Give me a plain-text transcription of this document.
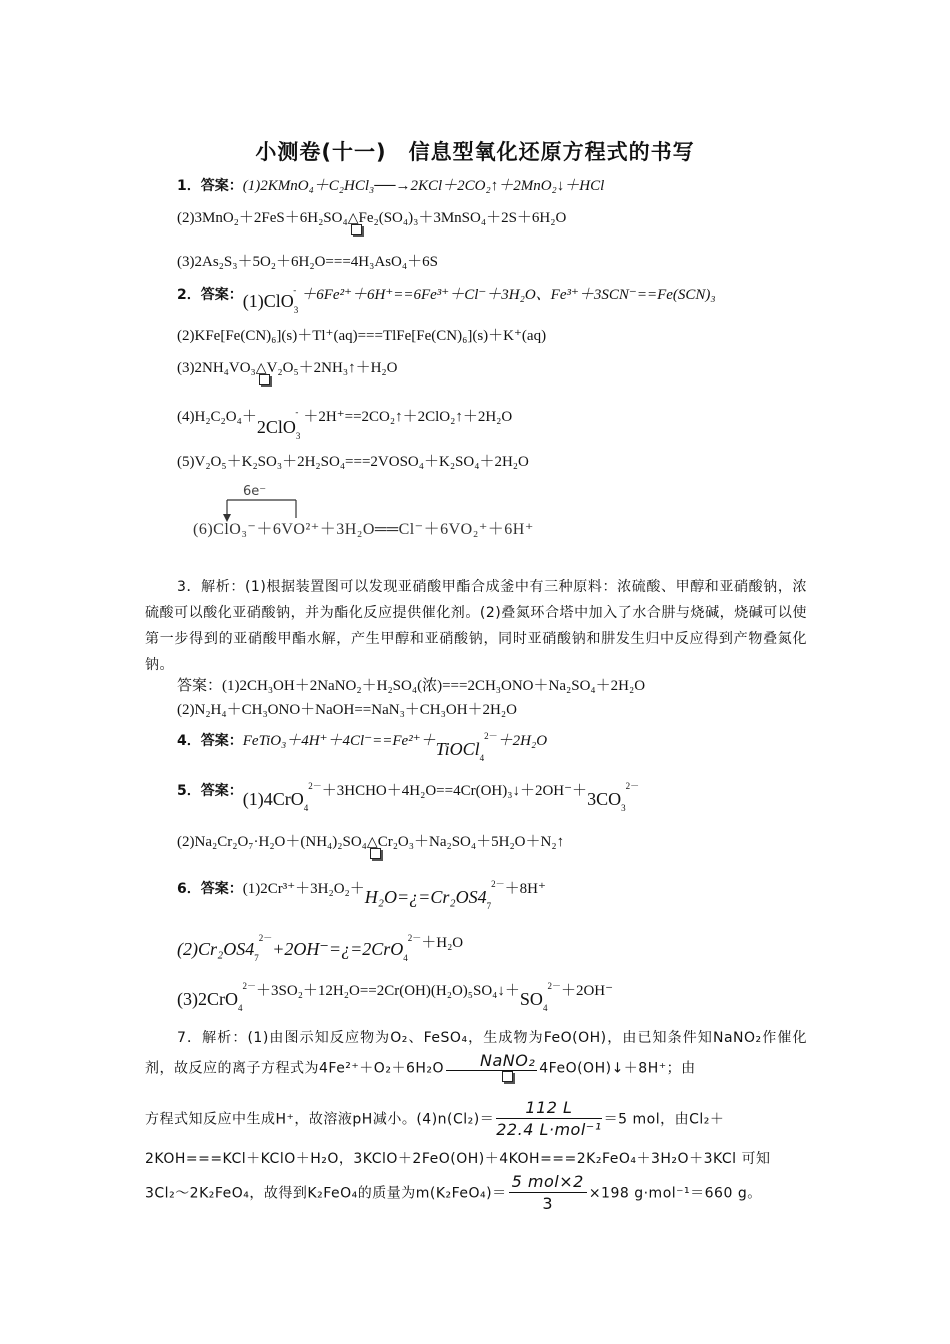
小测卷(十一)　信息型氧化还原方程式的书写
1．答案：(1)2KMnO₄＋C₂HCl₃──→2KCl＋2CO₂↑＋2MnO₂↓＋HCl
(2)3MnO₂＋2FeS＋6H₂SO₄△
Fe₂(SO₄)₃＋3MnSO₄＋2S＋6H₂O
(3)2As₂S₃＋5O₂＋6H₂O===4H₃AsO₄＋6S
2．答案：(1)ClO$_3$- ＋6Fe²⁺＋6H⁺==6Fe³⁺＋Cl⁻＋3H₂O、Fe³⁺＋3SCN⁻==Fe(SCN)₃
(2)KFe[Fe(CN)₆](s)＋Tl⁺(aq)===TlFe[Fe(CN)₆](s)＋K⁺(aq)
(3)2NH₄VO₃△
V₂O₅＋2NH₃↑＋H₂O
(4)H₂C₂O₄＋2ClO$_3$- ＋2H⁺==2CO₂↑＋2ClO₂↑＋2H₂O
(5)V₂O₅＋K₂SO₃＋2H₂SO₄===2VOSO₄＋K₂SO₄＋2H₂O
6e⁻
(6)ClO₃⁻＋6VO²⁺＋3H₂O══Cl⁻＋6VO₂⁺＋6H⁺
3．解析：(1)根据装置图可以发现亚硝酸甲酯合成釜中有三种原料：浓硫酸、甲醇和亚硝酸钠，浓硫酸可以酸化亚硝酸钠，并为酯化反应提供催化剂。(2)叠氮环合塔中加入了水合肼与烧碱，烧碱可以使第一步得到的亚硝酸甲酯水解，产生甲醇和亚硝酸钠，同时亚硝酸钠和肼发生归中反应得到产物叠氮化钠。
答案：(1)2CH₃OH＋2NaNO₂＋H₂SO₄(浓)===2CH₃ONO＋Na₂SO₄＋2H₂O
(2)N₂H₄＋CH₃ONO＋NaOH==NaN₃＋CH₃OH＋2H₂O
4．答案：FeTiO₃＋4H⁺＋4Cl⁻==Fe²⁺＋TiOCl$_4^{2-}$＋2H₂O
5．答案：$(1)4CrO_4^{2-}+3HCHO+4H_2O==4Cr(OH)_3↓+2OH^-+3CO_3^{2-}$
(2)Na₂Cr₂O₇·H₂O＋(NH₄)₂SO₄△
Cr₂O₃＋Na₂SO₄＋5H₂O＋N₂↑
6．答案：$(1)2Cr^{3+}+3H_2O_2+H_2O=¿=Cr_2OS4_7^{2-}+8H^+$
$(2)Cr_2OS4_7^{2-}+2OH^-=¿=2CrO_4^{2-}+H_2O$
$(3)2CrO_4^{2-}+3SO_2+12H_2O==2Cr(OH)(H_2O)_5SO_4↓+SO_4^{2-}+2OH^-$
7．解析：(1)由图示知反应物为O₂、FeSO₄，生成物为FeO(OH)，由已知条件知NaNO₂作催化剂，故反应的离子方程式为4Fe²⁺＋O₂＋6H₂O	NaNO₂ 4FeO(OH)↓＋8H⁺；由
方程式知反应中生成H⁺，故溶液pH减小。$(4)n(Cl_2)= \frac{112 L}{\text{22.4 L·mol⁻¹}} =5$ mol，由Cl₂＋
2KOH===KCl＋KClO＋H₂O，3KClO＋2FeO(OH)＋4KOH===2K₂FeO₄＋3H₂O＋3KCl 可知
3Cl₂～2K₂FeO₄，故得到K₂FeO₄的质量为$m(K_2FeO_4)= \frac{\text{5 mol×2}}{3} \times 198$ g·mol⁻¹＝660 g。
